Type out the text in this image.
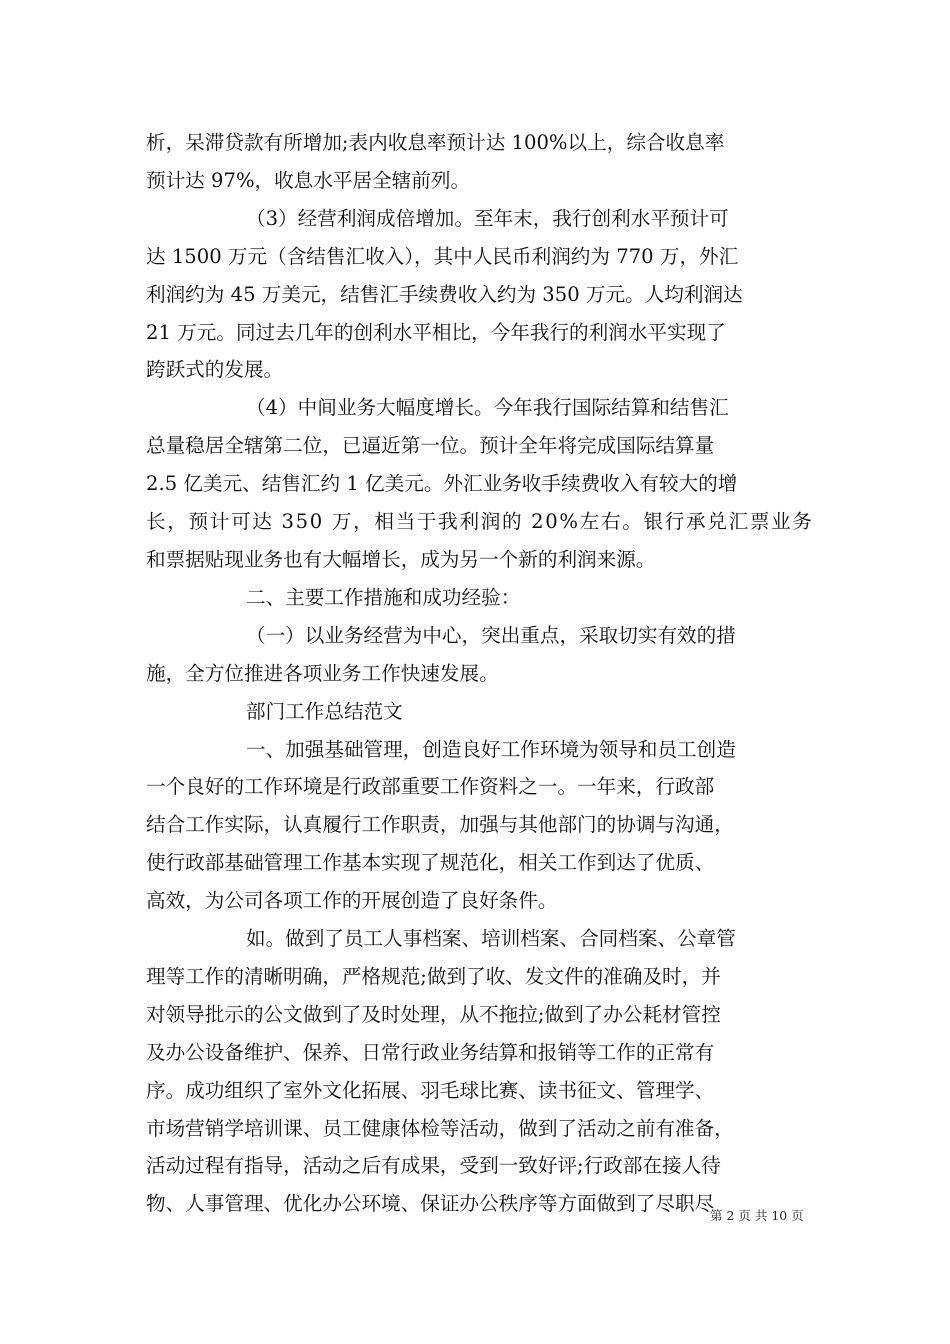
析，呆滞贷款有所增加;表内收息率预计达 100%以上，综合收息率
预计达 97%，收息水平居全辖前列。
（3）经营利润成倍增加。至年末，我行创利水平预计可
达 1500 万元（含结售汇收入），其中人民币利润约为 770 万，外汇
利润约为 45 万美元，结售汇手续费收入约为 350 万元。人均利润达
21 万元。同过去几年的创利水平相比，今年我行的利润水平实现了
跨跃式的发展。
（4）中间业务大幅度增长。今年我行国际结算和结售汇
总量稳居全辖第二位，已逼近第一位。预计全年将完成国际结算量
2.5 亿美元、结售汇约 1 亿美元。外汇业务收手续费收入有较大的增
长，预计可达 350 万，相当于我利润的 20%左右。银行承兑汇票业务
和票据贴现业务也有大幅增长，成为另一个新的利润来源。
二、主要工作措施和成功经验：
（一）以业务经营为中心，突出重点，采取切实有效的措
施，全方位推进各项业务工作快速发展。
部门工作总结范文
一、加强基础管理，创造良好工作环境为领导和员工创造
一个良好的工作环境是行政部重要工作资料之一。一年来，行政部
结合工作实际，认真履行工作职责，加强与其他部门的协调与沟通，
使行政部基础管理工作基本实现了规范化，相关工作到达了优质、
高效，为公司各项工作的开展创造了良好条件。
如。做到了员工人事档案、培训档案、合同档案、公章管
理等工作的清晰明确，严格规范;做到了收、发文件的准确及时，并
对领导批示的公文做到了及时处理，从不拖拉;做到了办公耗材管控
及办公设备维护、保养、日常行政业务结算和报销等工作的正常有
序。成功组织了室外文化拓展、羽毛球比赛、读书征文、管理学、
市场营销学培训课、员工健康体检等活动，做到了活动之前有准备，
活动过程有指导，活动之后有成果，受到一致好评;行政部在接人待
物、人事管理、优化办公环境、保证办公秩序等方面做到了尽职尽
第 2 页 共 10 页
